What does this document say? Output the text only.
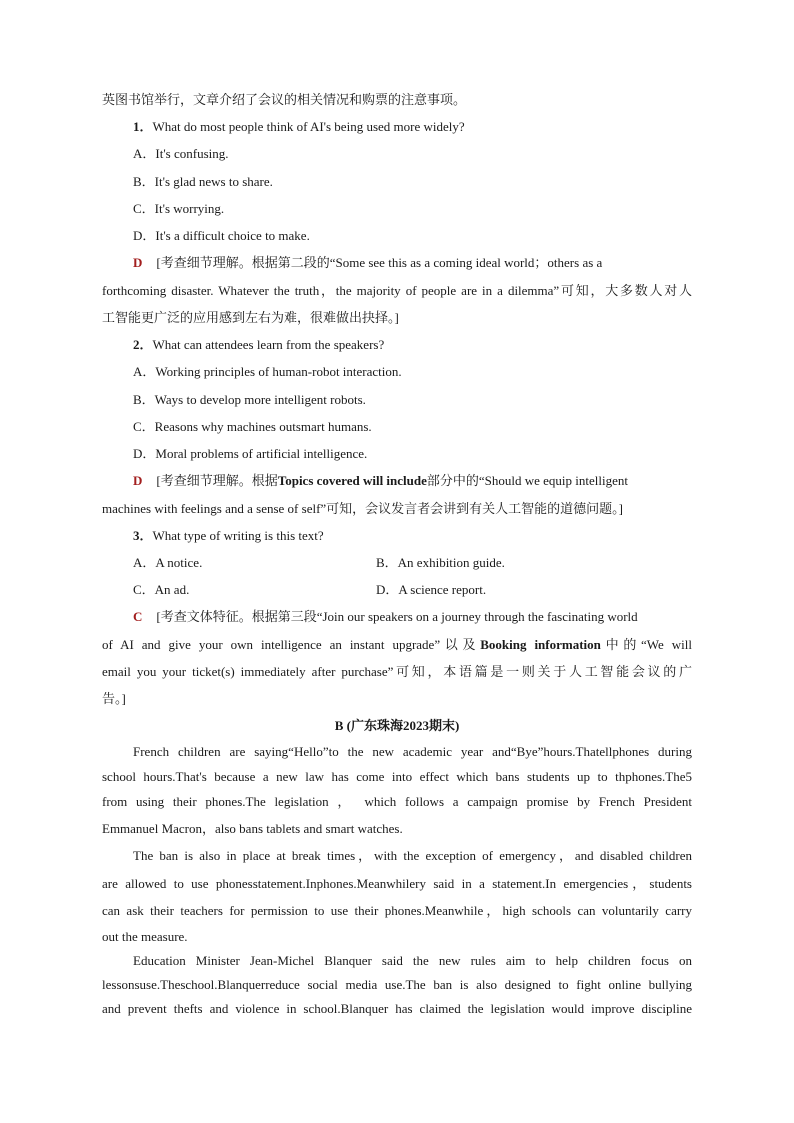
英图书馆举行，文章介绍了会议的相关情况和购票的注意事项。
1．What do most people think of AI's being used more widely?
A．It's confusing.
B．It's glad news to share.
C．It's worrying.
D．It's a difficult choice to make.
D [考查细节理解。根据第二段的“Some see this as a coming ideal world；others as a
forthcoming disaster. Whatever the truth，the majority of people are in a dilemma”可知，大多数人对人
工智能更广泛的应用感到左右为难，很难做出抉择。]
2．What can attendees learn from the speakers?
A．Working principles of human-robot interaction.
B．Ways to develop more intelligent robots.
C．Reasons why machines outsmart humans.
D．Moral problems of artificial intelligence.
D [考查细节理解。根据Topics covered will include部分中的“Should we equip intelligent
machines with feelings and a sense of self”可知，会议发言者会讲到有关人工智能的道德问题。]
3．What type of writing is this text?
A．A notice.	B．An exhibition guide.
C．An ad.	D．A science report.
C [考查文体特征。根据第三段“Join our speakers on a journey through the fascinating world
of AI and give your own intelligence an instant upgrade”以及Booking information中的“We will
email you your ticket(s) immediately after purchase”可知，本语篇是一则关于人工智能会议的广
告。]
B (广东珠海2023期末)
French children are saying“Hello”to the new academic year and“Bye”hours.Thatellphones during
school hours.That's because a new law has come into effect which bans students up to thphones.The5
from using their phones.The legislation ， which follows a campaign promise by French President
Emmanuel Macron，also bans tablets and smart watches.
The ban is also in place at break times，with the exception of emergency，and disabled children
are allowed to use phonesstatement.Inphones.Meanwhilery said in a statement.In emergencies，students
can ask their teachers for permission to use their phones.Meanwhile，high schools can voluntarily carry
out the measure.
Education Minister Jean-Michel Blanquer said the new rules aim to help children focus on
lessonsuse.Theschool.Blanquerreduce social media use.The ban is also designed to fight online bullying
and prevent thefts and violence in school.Blanquer has claimed the legislation would improve discipline
